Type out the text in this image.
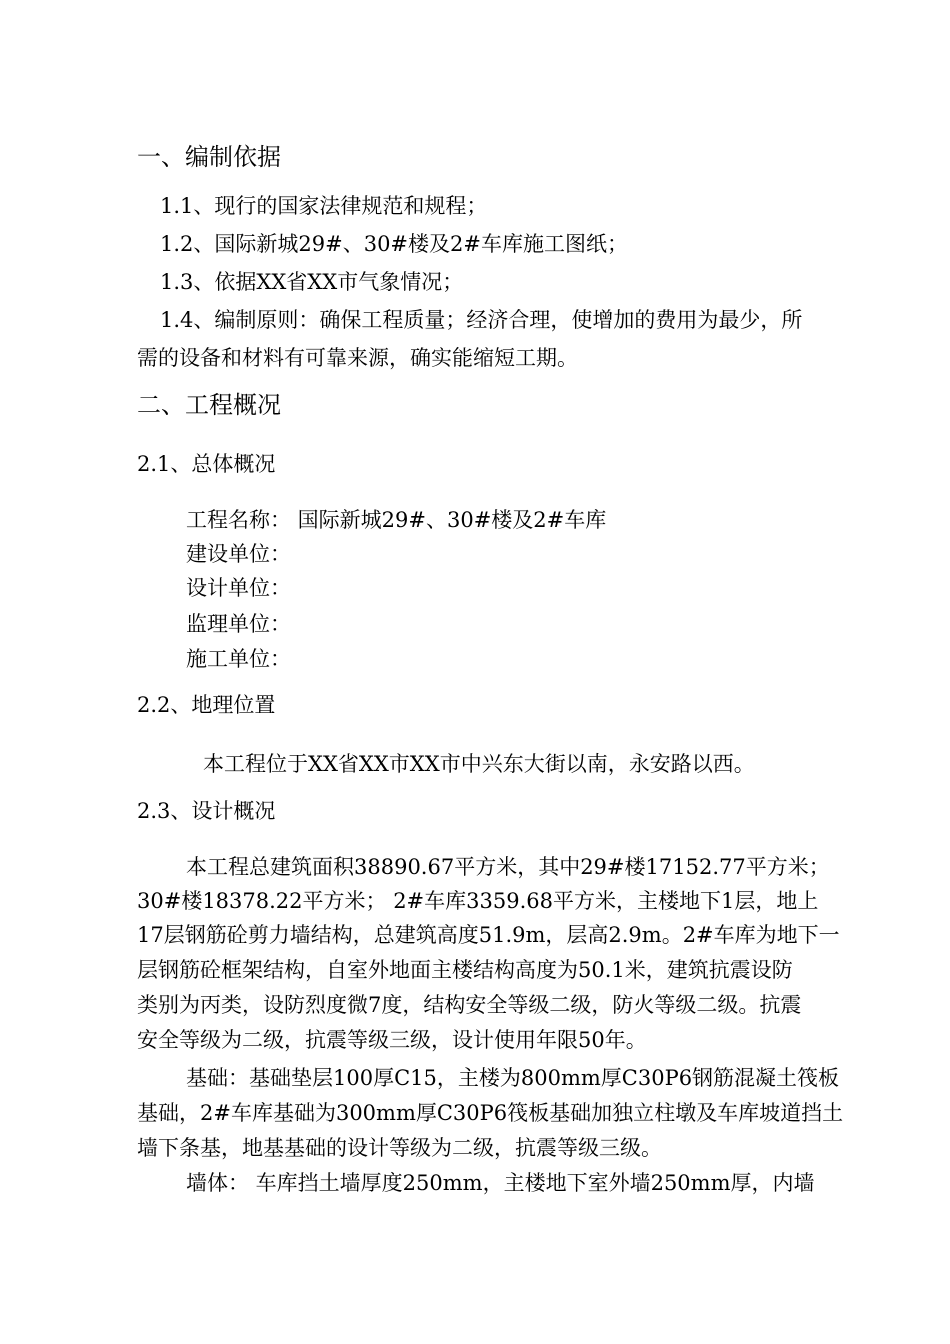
一、编制依据
1.1、现行的国家法律规范和规程；
1.2、国际新城29#、30#楼及2#车库施工图纸；
1.3、依据XX省XX市气象情况；
1.4、编制原则：确保工程质量；经济合理，使增加的费用为最少，所
需的设备和材料有可靠来源，确实能缩短工期。
二、工程概况
2.1、总体概况
工程名称： 国际新城29#、30#楼及2#车库
建设单位：
设计单位：
监理单位：
施工单位：
2.2、地理位置
本工程位于XX省XX市XX市中兴东大街以南，永安路以西。
2.3、设计概况
本工程总建筑面积38890.67平方米，其中29#楼17152.77平方米；
30#楼18378.22平方米； 2#车库3359.68平方米，主楼地下1层，地上
17层钢筋砼剪力墙结构，总建筑高度51.9m，层高2.9m。2#车库为地下一
层钢筋砼框架结构，自室外地面主楼结构高度为50.1米，建筑抗震设防
类别为丙类，设防烈度微7度，结构安全等级二级，防火等级二级。抗震
安全等级为二级，抗震等级三级，设计使用年限50年。
基础：基础垫层100厚C15，主楼为800mm厚C30P6钢筋混凝土筏板
基础，2#车库基础为300mm厚C30P6筏板基础加独立柱墩及车库坡道挡土
墙下条基，地基基础的设计等级为二级，抗震等级三级。
墙体： 车库挡土墙厚度250mm，主楼地下室外墙250mm厚，内墙
